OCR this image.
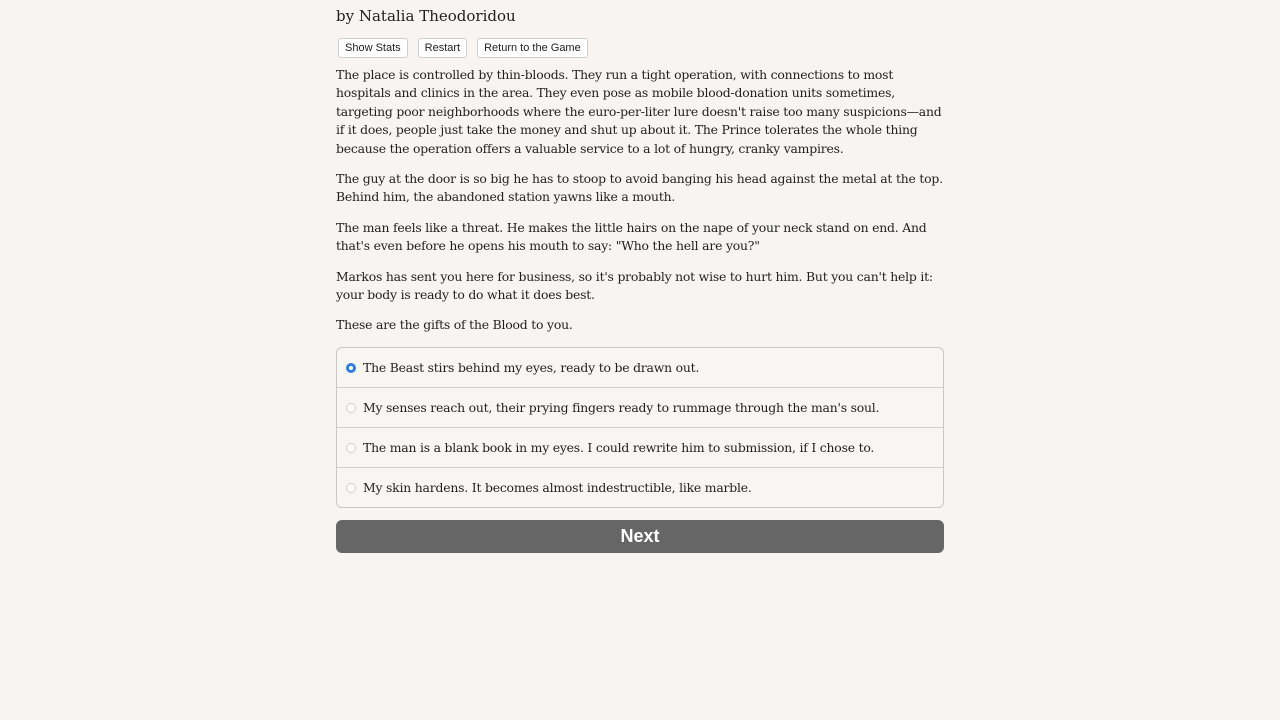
by Natalia Theodoridou
Show Stats	Restart	Return to the Game

The place is controlled by thin-bloods. They run a tight operation, with connections to most hospitals and clinics in the area. They even pose as mobile blood-donation units sometimes, targeting poor neighborhoods where the euro-per-liter lure doesn't raise too many suspicions—and if it does, people just take the money and shut up about it. The Prince tolerates the whole thing because the operation offers a valuable service to a lot of hungry, cranky vampires.

The guy at the door is so big he has to stoop to avoid banging his head against the metal at the top. Behind him, the abandoned station yawns like a mouth.

The man feels like a threat. He makes the little hairs on the nape of your neck stand on end. And that's even before he opens his mouth to say: "Who the hell are you?"

Markos has sent you here for business, so it's probably not wise to hurt him. But you can't help it: your body is ready to do what it does best.

These are the gifts of the Blood to you.

The Beast stirs behind my eyes, ready to be drawn out.
My senses reach out, their prying fingers ready to rummage through the man's soul.
The man is a blank book in my eyes. I could rewrite him to submission, if I chose to.
My skin hardens. It becomes almost indestructible, like marble.
Next
